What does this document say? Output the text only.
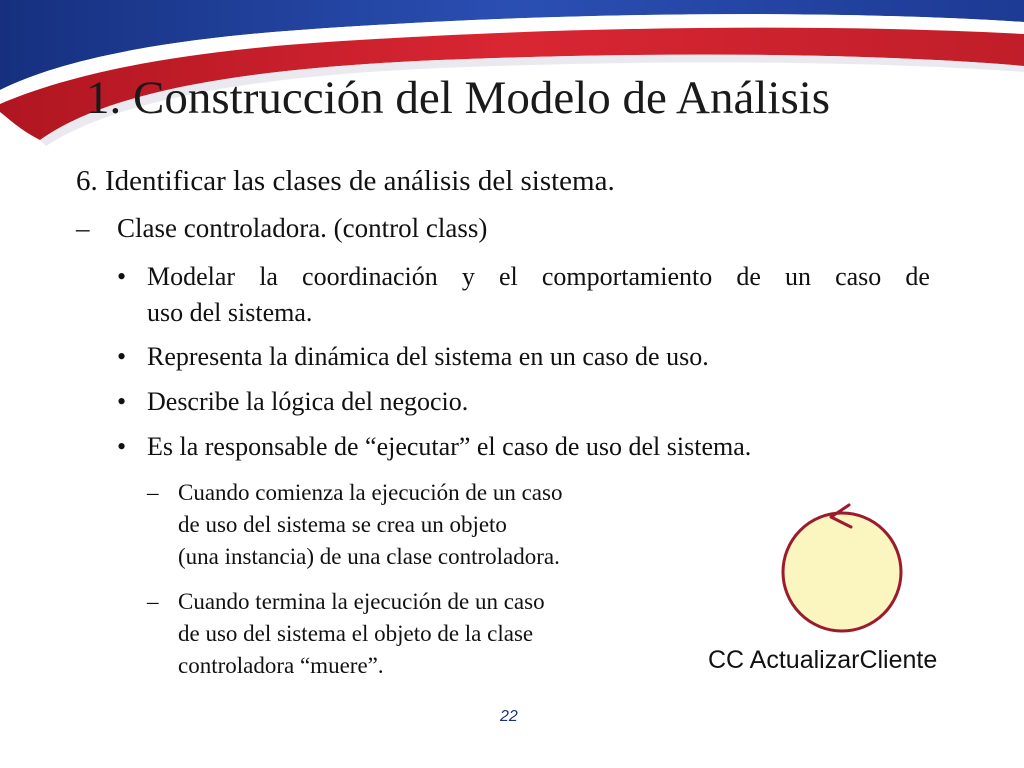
1. Construcción del Modelo de Análisis
6. Identificar las clases de análisis del sistema.
– Clase controladora. (control class)
• Modelar la coordinación y el comportamiento de un caso de
uso del sistema.
• Representa la dinámica del sistema en un caso de uso.
• Describe la lógica del negocio.
• Es la responsable de “ejecutar” el caso de uso del sistema.
– Cuando comienza la ejecución de un caso
de uso del sistema se crea un objeto
(una instancia) de una clase controladora.
– Cuando termina la ejecución de un caso
de uso del sistema el objeto de la clase
controladora “muere”.	CC ActualizarCliente
22
